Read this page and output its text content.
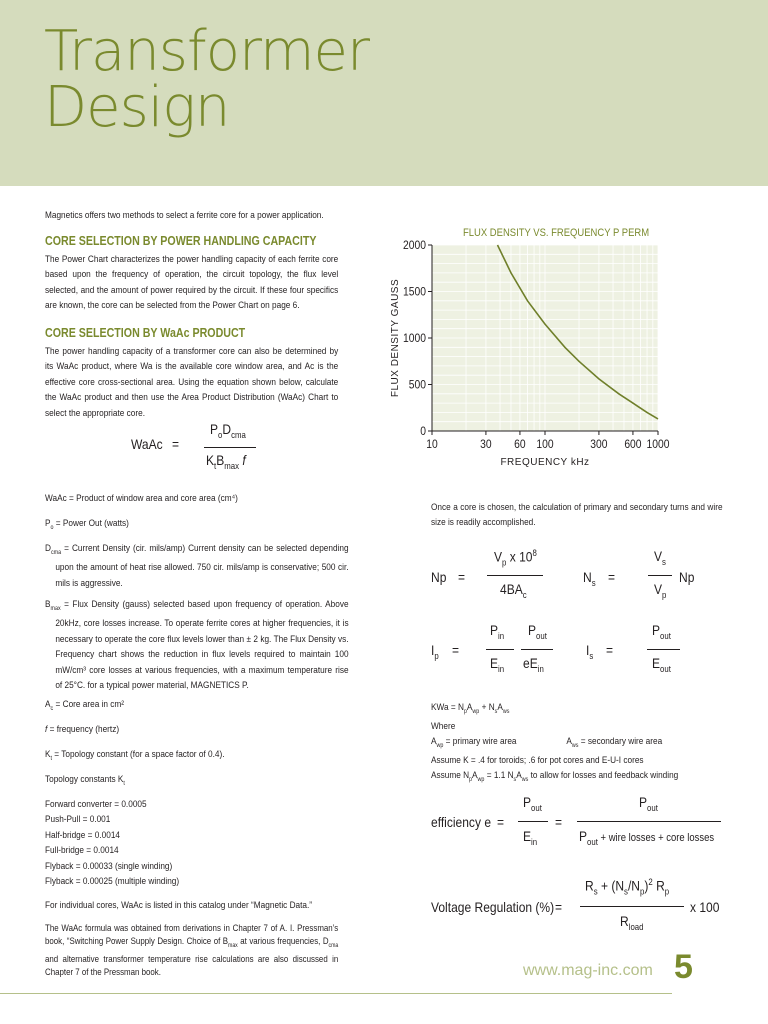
Transformer
Design
Magnetics offers two methods to select a ferrite core for a power application.
CORE SELECTION BY POWER HANDLING CAPACITY
The Power Chart characterizes the power handling capacity of each ferrite core based upon the frequency of operation, the circuit topology, the flux level selected, and the amount of power required by the circuit. If these four specifics are known, the core can be selected from the Power Chart on page 6.
CORE SELECTION BY WaAc PRODUCT
The power handling capacity of a transformer core can also be determined by its WaAc product, where Wa is the available core window area, and Ac is the effective core cross-sectional area. Using the equation shown below, calculate the WaAc product and then use the Area Product Distribution (WaAc) Chart to select the appropriate core.
WaAc =
$P_oD_{cma}$
$K_tB_{max}$ f
WaAc = Product of window area and core area (cm⁴)
$P_o$ = Power Out (watts)
$D_{cma}$ = Current Density (cir. mils/amp) Current density can be selected depending upon the amount of heat rise allowed. 750 cir. mils/amp is conservative; 500 cir. mils is aggressive.
$B_{max}$ = Flux Density (gauss) selected based upon frequency of operation. Above 20kHz, core losses increase. To operate ferrite cores at higher frequencies, it is necessary to operate the core flux levels lower than ± 2 kg. The Flux Density vs. Frequency chart shows the reduction in flux levels required to maintain 100 mW/cm³ core losses at various frequencies, with a maximum temperature rise of 25°C. for a typical power material, MAGNETICS P.
$A_c$ = Core area in cm²
f = frequency (hertz)
$K_t$ = Topology constant (for a space factor of 0.4).
Topology constants $K_t$
Forward converter = 0.0005
Push-Pull = 0.001
Half-bridge = 0.0014
Full-bridge = 0.0014
Flyback = 0.00033 (single winding)
Flyback = 0.00025 (multiple winding)
For individual cores, WaAc is listed in this catalog under “Magnetic Data.”
The WaAc formula was obtained from derivations in Chapter 7 of A. I. Pressman’s book, “Switching Power Supply Design. Choice of $B_{max}$ at various frequencies, $D_{cma}$ and alternative transformer temperature rise calculations are also discussed in Chapter 7 of the Pressman book.
FLUX DENSITY VS. FREQUENCY P PERM
0
500
1000
1500
2000
10	30 60 100	300 600 1000
FREQUENCY kHz
FLUX DENSITY GAUSS
Once a core is chosen, the calculation of primary and secondary turns and wire size is readily accomplished.
Np =
$V_p$ x $10^8$
$4BA_c$
$N_s$ =
$V_s$
$V_p$
Np
$I_p$ =
$P_{in}$
$E_{in}$
$P_{out}$
$eE_{in}$
$I_s$ =
$P_{out}$
$E_{out}$
KWa = $N_pA_{wp} + N_sA_{ws}$
Where
$A_{wp}$ = primary wire area	$A_{ws}$ = secondary wire area
Assume K = .4 for toroids; .6 for pot cores and E-U-I cores
Assume $N_pA_{wp} = 1.1$ $N_sA_{ws}$ to allow for losses and feedback winding
efficiency e =
$P_{out}$
$E_{in}$
=
$P_{out}$
$P_{out}$ + wire losses + core losses
Voltage Regulation (%) =
$R_s + (N_s/N_p)^2$ $R_p$
$R_{load}$
x 100
www.mag-inc.com 5
